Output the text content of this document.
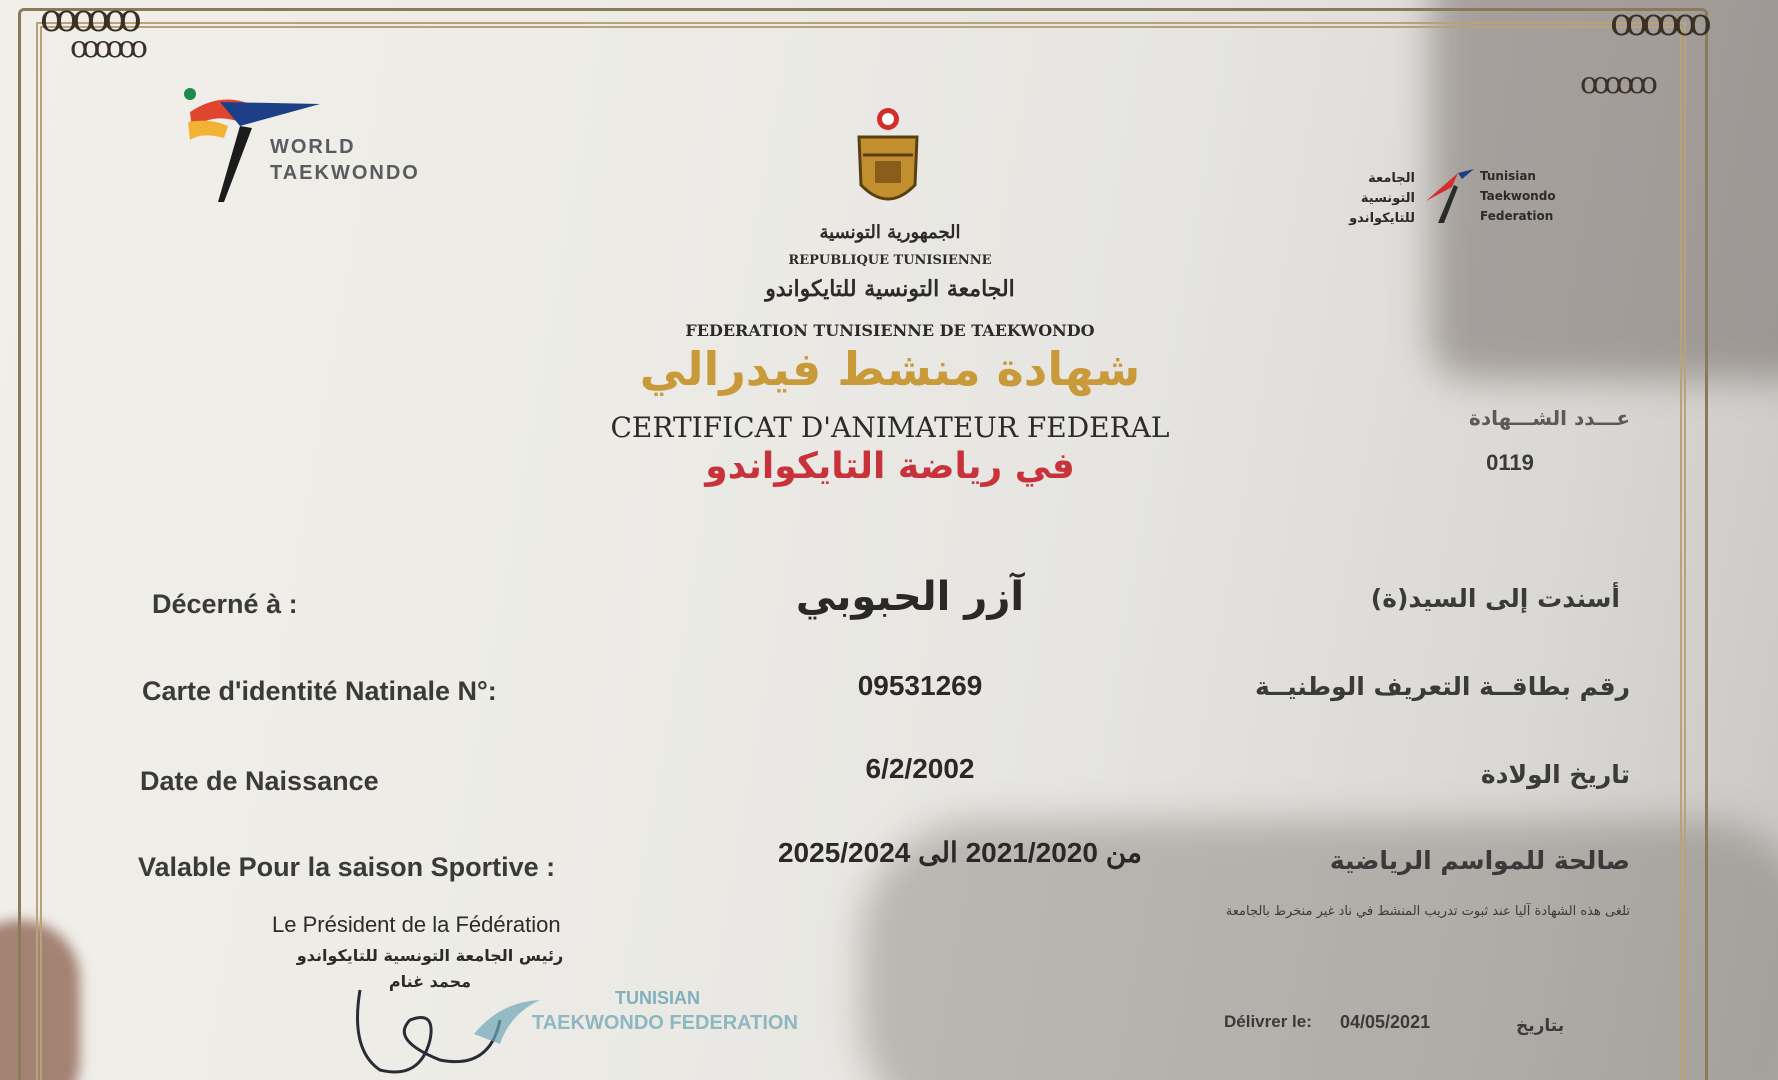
ꝏꝏꝏ
ꝏꝏꝏ
ꝏꝏꝏ
ꝏꝏꝏ
WORLD
TAEKWONDO
الجمهورية التونسية
REPUBLIQUE TUNISIENNE
الجامعة التونسية للتايكواندو
FEDERATION TUNISIENNE DE TAEKWONDO
الجامعة
التونسية
للتايكواندو
Tunisian
Taekwondo
Federation
شهادة منشط فيدرالي
CERTIFICAT D'ANIMATEUR FEDERAL
في رياضة التايكواندو
عـــدد الشـــهادة
0119
Décerné à :	آزر الحبوبي	أسندت إلى السيد(ة)
Carte d'identité Natinale N°:	09531269	رقم بطاقــة التعريف الوطنيــة
Date de Naissance	6/2/2002	تاريخ الولادة
Valable Pour la saison Sportive :	من 2021/2020 الى 2025/2024	صالحة للمواسم الرياضية
Le Président de la Fédération
رئيس الجامعة التونسية للتايكواندو
محمد غنام
TUNISIAN
TAEKWONDO FEDERATION
تلغى هذه الشهادة آليا عند ثبوت تدريب المنشط في ناد غير منخرط بالجامعة
Délivrer le: 04/05/2021	بتاريخ
